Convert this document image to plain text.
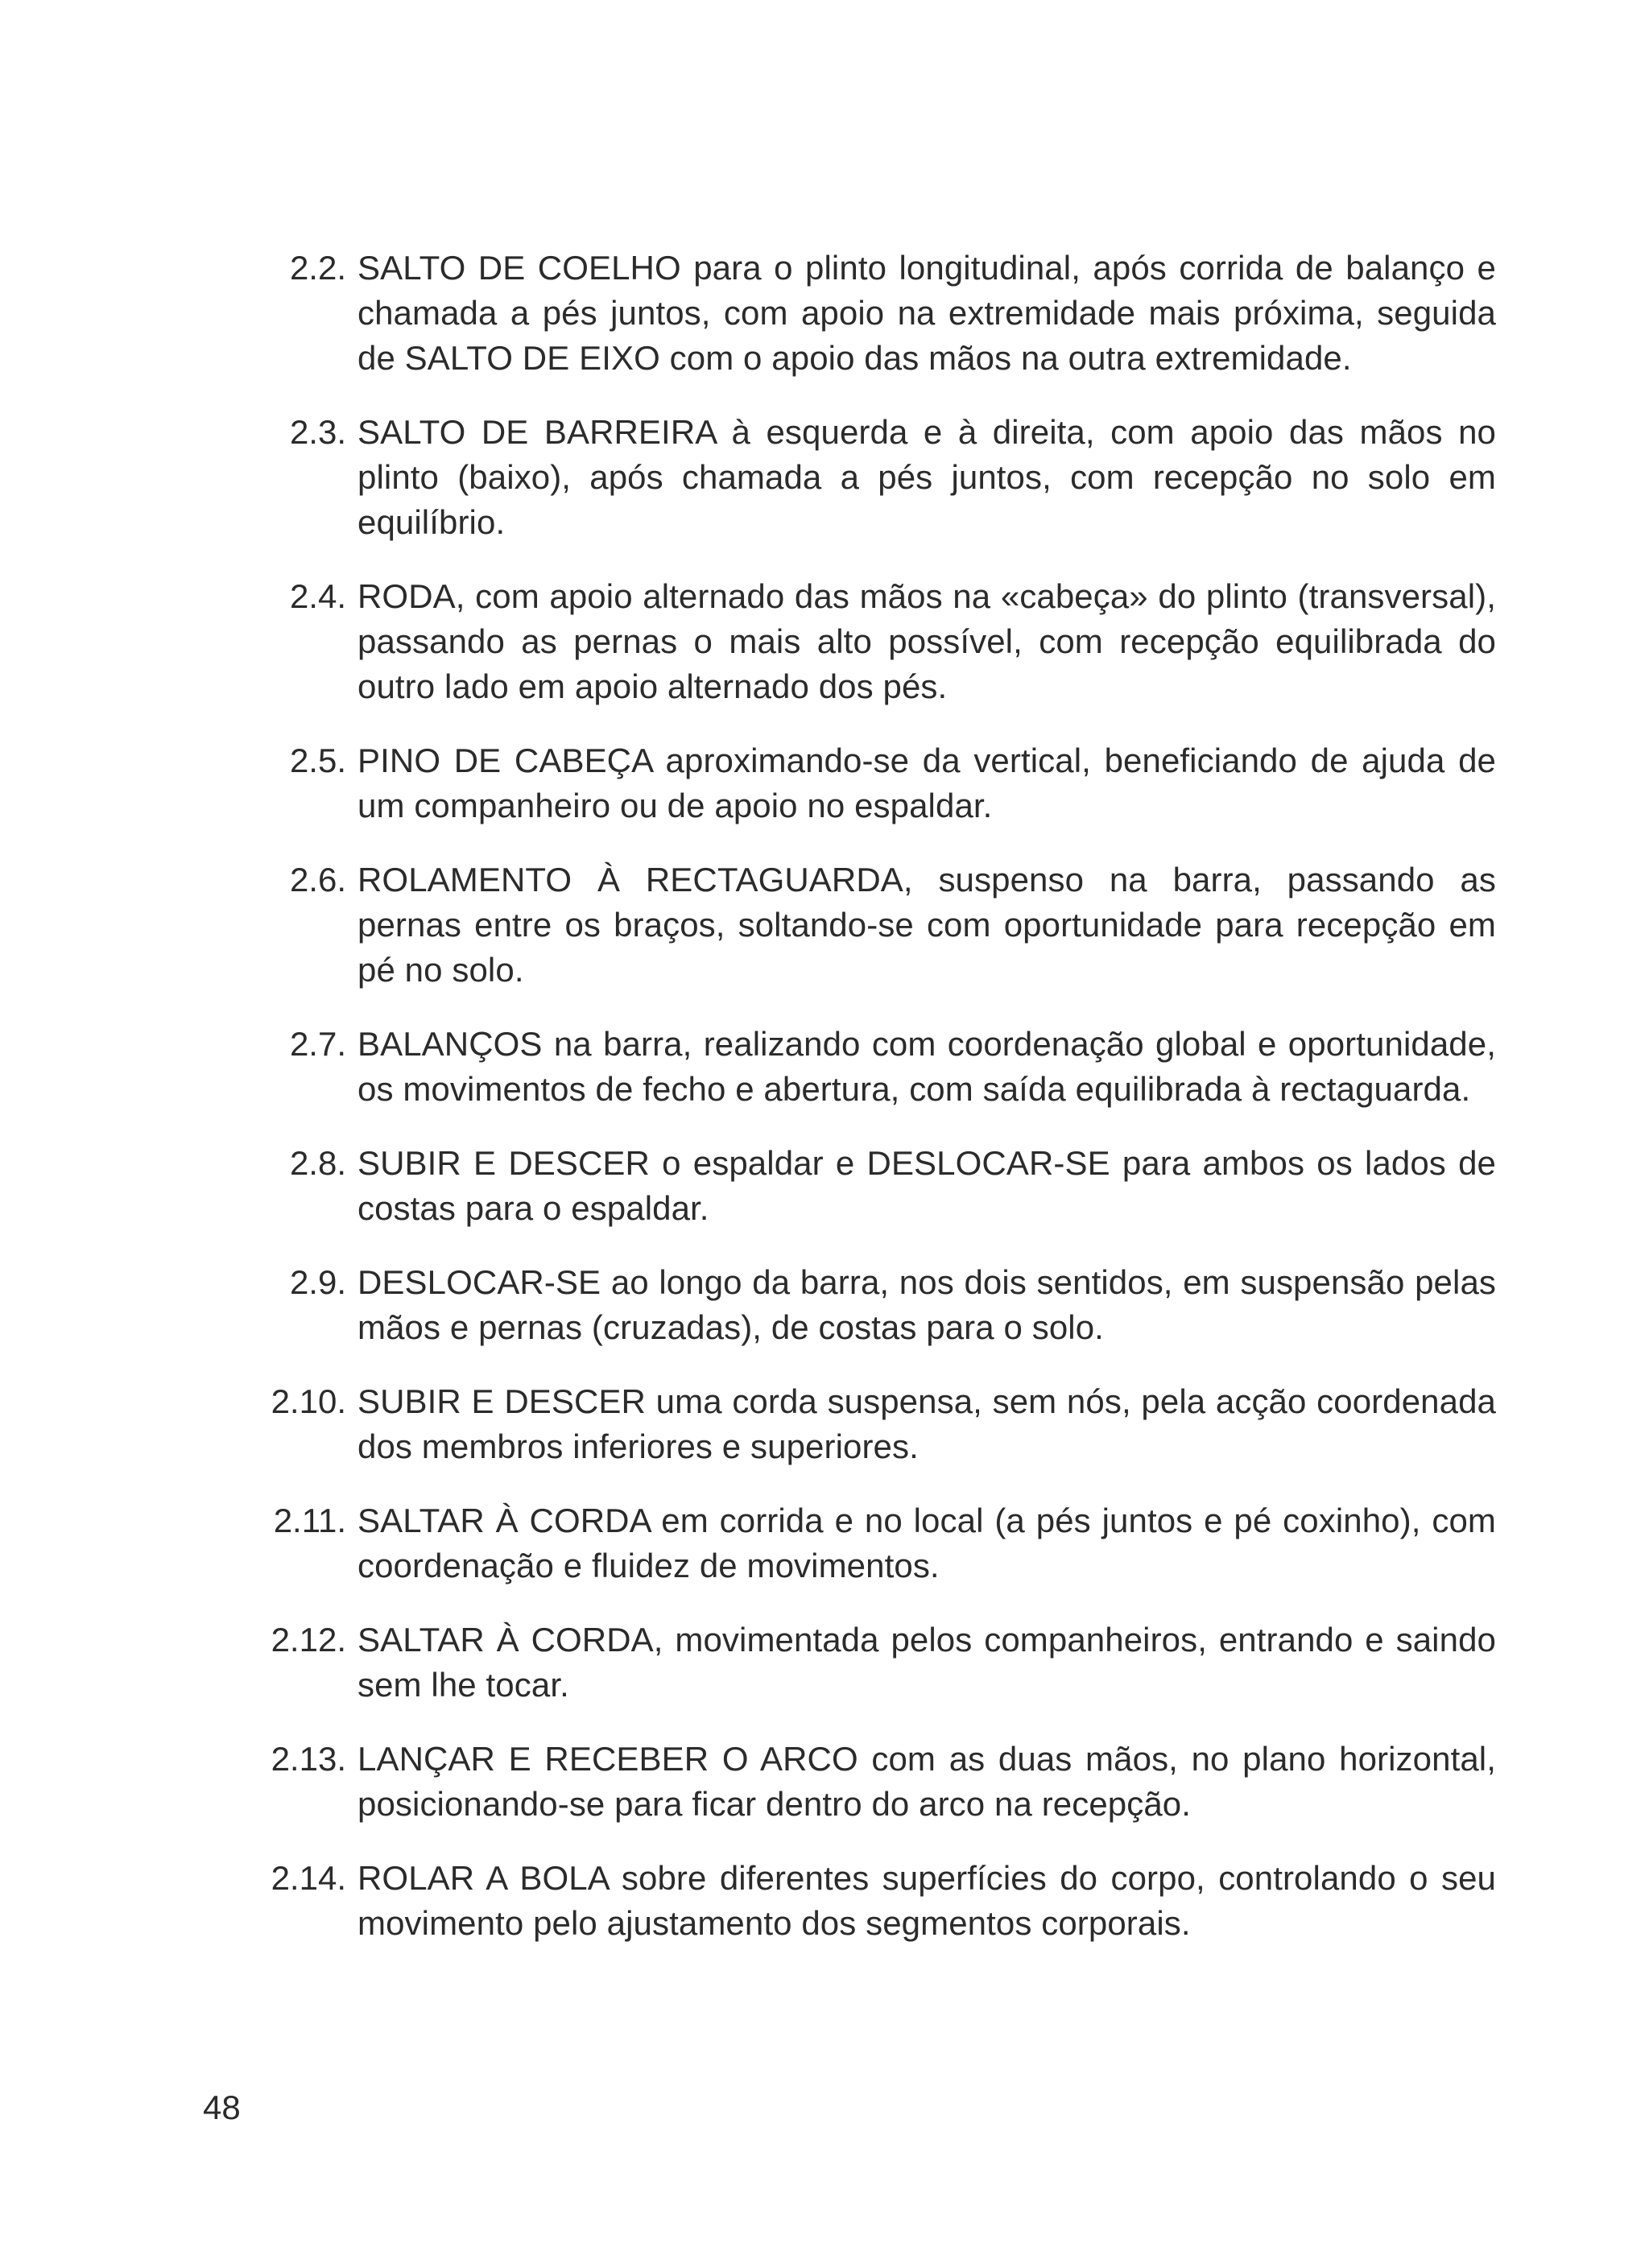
2.2. SALTO DE COELHO para o plinto longitudinal, após corrida de balanço e chamada a pés juntos, com apoio na extremidade mais próxima, seguida de SALTO DE EIXO com o apoio das mãos na outra extremidade.
2.3. SALTO DE BARREIRA à esquerda e à direita, com apoio das mãos no plinto (baixo), após chamada a pés juntos, com recepção no solo em equilíbrio.
2.4. RODA, com apoio alternado das mãos na «cabeça» do plinto (transversal), passando as pernas o mais alto possível, com recepção equilibrada do outro lado em apoio alternado dos pés.
2.5. PINO DE CABEÇA aproximando-se da vertical, beneficiando de ajuda de um companheiro ou de apoio no espaldar.
2.6. ROLAMENTO À RECTAGUARDA, suspenso na barra, passando as pernas entre os braços, soltando-se com oportunidade para recepção em pé no solo.
2.7. BALANÇOS na barra, realizando com coordenação global e oportunidade, os movimentos de fecho e abertura, com saída equilibrada à rectaguarda.
2.8. SUBIR E DESCER o espaldar e DESLOCAR-SE para ambos os lados de costas para o espaldar.
2.9. DESLOCAR-SE ao longo da barra, nos dois sentidos, em suspensão pelas mãos e pernas (cruzadas), de costas para o solo.
2.10. SUBIR E DESCER uma corda suspensa, sem nós, pela acção coordenada dos membros inferiores e superiores.
2.11. SALTAR À CORDA em corrida e no local (a pés juntos e pé coxinho), com coordenação e fluidez de movimentos.
2.12. SALTAR À CORDA, movimentada pelos companheiros, entrando e saindo sem lhe tocar.
2.13. LANÇAR E RECEBER O ARCO com as duas mãos, no plano horizontal, posicionando-se para ficar dentro do arco na recepção.
2.14. ROLAR A BOLA sobre diferentes superfícies do corpo, controlando o seu movimento pelo ajustamento dos segmentos corporais.
48
